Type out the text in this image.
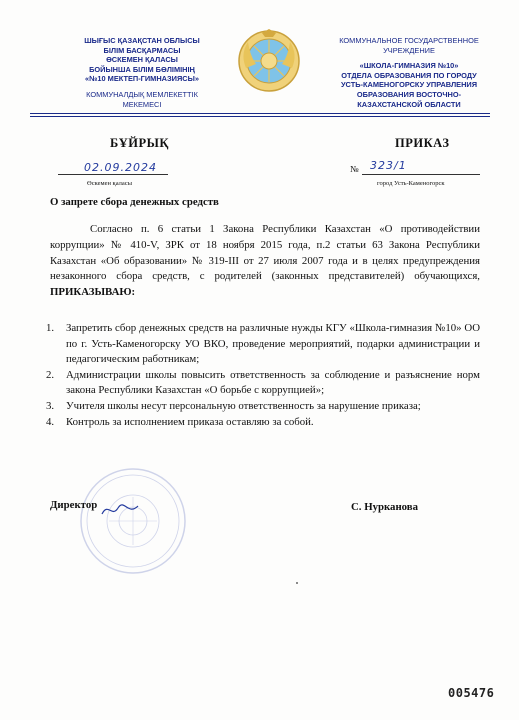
ШЫҒЫС ҚАЗАҚСТАН ОБЛЫСЫ
БІЛІМ БАСҚАРМАСЫ
ӨСКЕМЕН ҚАЛАСЫ
БОЙЫНША БІЛІМ БӨЛІМІНІҢ
«№10 МЕКТЕП-ГИМНАЗИЯСЫ»
КОММУНАЛДЫҚ МЕМЛЕКЕТТІК
МЕКЕМЕСІ
КОММУНАЛЬНОЕ ГОСУДАРСТВЕННОЕ
УЧРЕЖДЕНИЕ
«ШКОЛА-ГИМНАЗИЯ №10»
ОТДЕЛА ОБРАЗОВАНИЯ ПО ГОРОДУ
УСТЬ-КАМЕНОГОРСКУ УПРАВЛЕНИЯ
ОБРАЗОВАНИЯ ВОСТОЧНО-
КАЗАХСТАНСКОЙ ОБЛАСТИ
БҰЙРЫҚ	ПРИКАЗ
02.09.2024	№ 323/1
Өскемен қаласы	город Усть-Каменогорск
О запрете сбора денежных средств
Согласно п. 6 статьи 1 Закона Республики Казахстан «О противодействии коррупции» № 410-V, ЗРК от 18 ноября 2015 года, п.2 статьи 63 Закона Республики Казахстан «Об образовании» № 319-III от 27 июля 2007 года и в целях предупреждения незаконного сбора средств, с родителей (законных представителей) обучающихся, ПРИКАЗЫВАЮ:
1. Запретить сбор денежных средств на различные нужды КГУ «Школа-гимназия №10» ОО по г. Усть-Каменогорску УО ВКО, проведение мероприятий, подарки администрации и педагогическим работникам;
2. Администрации школы повысить ответственность за соблюдение и разъяснение норм закона Республики Казахстан «О борьбе с коррупцией»;
3. Учителя школы несут персональную ответственность за нарушение приказа;
4. Контроль за исполнением приказа оставляю за собой.
Директор	С. Нурканова
005476
